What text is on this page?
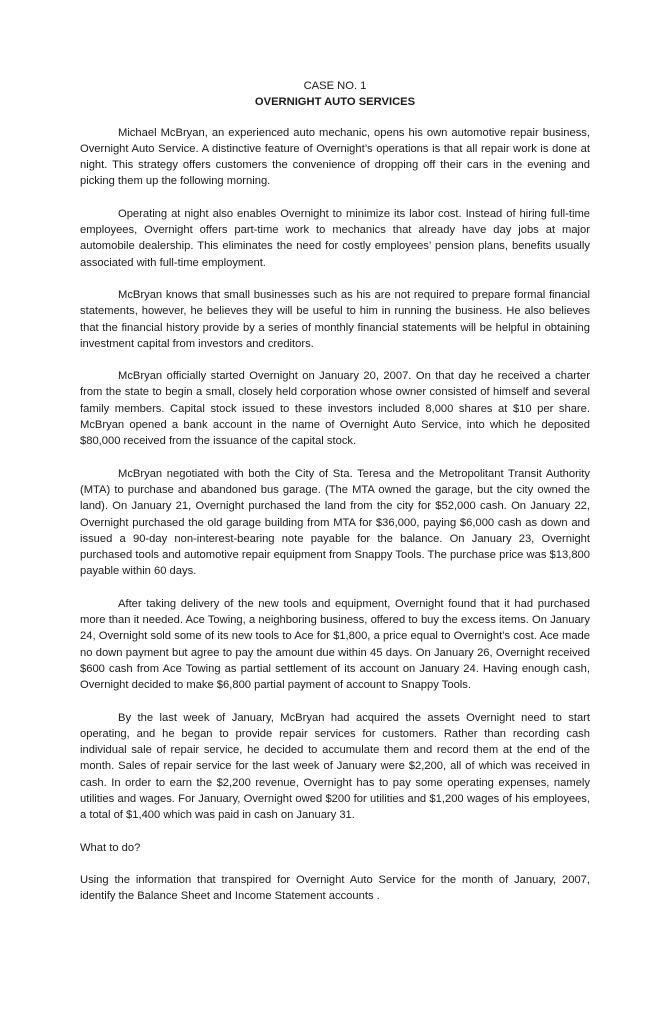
CASE NO. 1

OVERNIGHT AUTO SERVICES

Michael McBryan, an experienced auto mechanic, opens his own automotive repair business, Overnight Auto Service. A distinctive feature of Overnight’s operations is that all repair work is done at night. This strategy offers customers the convenience of dropping off their cars in the evening and picking them up the following morning.

Operating at night also enables Overnight to minimize its labor cost. Instead of hiring full-time employees, Overnight offers part-time work to mechanics that already have day jobs at major automobile dealership. This eliminates the need for costly employees’ pension plans, benefits usually associated with full-time employment.

McBryan knows that small businesses such as his are not required to prepare formal financial statements, however, he believes they will be useful to him in running the business. He also believes that the financial history provide by a series of monthly financial statements will be helpful in obtaining investment capital from investors and creditors.

McBryan officially started Overnight on January 20, 2007. On that day he received a charter from the state to begin a small, closely held corporation whose owner consisted of himself and several family members. Capital stock issued to these investors included 8,000 shares at $10 per share. McBryan opened a bank account in the name of Overnight Auto Service, into which he deposited $80,000 received from the issuance of the capital stock.

McBryan negotiated with both the City of Sta. Teresa and the Metropolitant Transit Authority (MTA) to purchase and abandoned bus garage. (The MTA owned the garage, but the city owned the land). On January 21, Overnight purchased the land from the city for $52,000 cash. On January 22, Overnight purchased the old garage building from MTA for $36,000, paying $6,000 cash as down and issued a 90-day non-interest-bearing note payable for the balance. On January 23, Overnight purchased tools and automotive repair equipment from Snappy Tools. The purchase price was $13,800 payable within 60 days.

After taking delivery of the new tools and equipment, Overnight found that it had purchased more than it needed. Ace Towing, a neighboring business, offered to buy the excess items. On January 24, Overnight sold some of its new tools to Ace for $1,800, a price equal to Overnight’s cost. Ace made no down payment but agree to pay the amount due within 45 days. On January 26, Overnight received $600 cash from Ace Towing as partial settlement of its account on January 24. Having enough cash, Overnight decided to make $6,800 partial payment of account to Snappy Tools.

By the last week of January, McBryan had acquired the assets Overnight need to start operating, and he began to provide repair services for customers. Rather than recording cash individual sale of repair service, he decided to accumulate them and record them at the end of the month. Sales of repair service for the last week of January were $2,200, all of which was received in cash. In order to earn the $2,200 revenue, Overnight has to pay some operating expenses, namely utilities and wages. For January, Overnight owed $200 for utilities and $1,200 wages of his employees, a total of $1,400 which was paid in cash on January 31.

What to do?

Using the information that transpired for Overnight Auto Service for the month of January, 2007, identify the Balance Sheet and Income Statement accounts .
